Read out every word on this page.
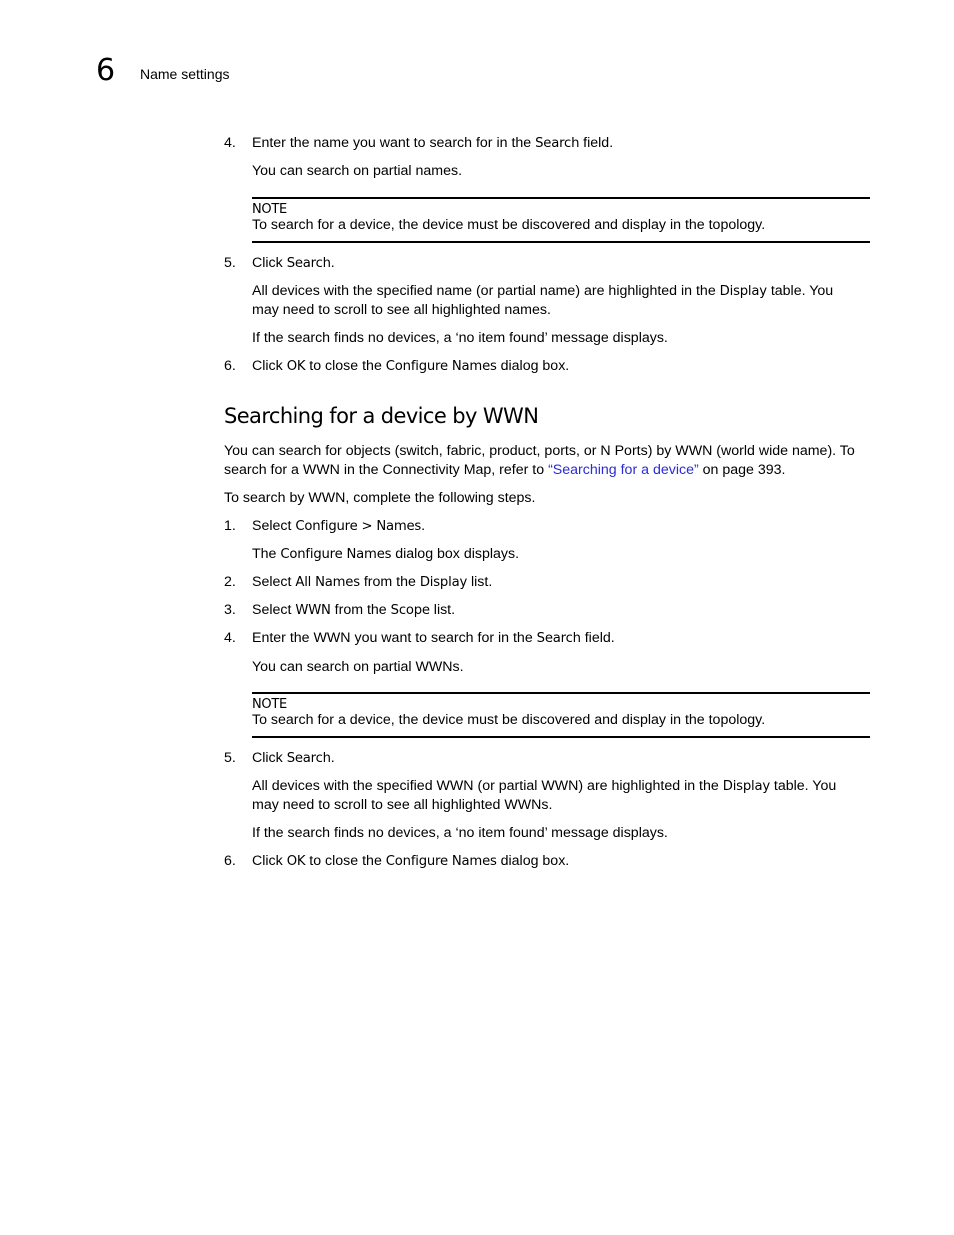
6 Name settings
4. Enter the name you want to search for in the Search field.
You can search on partial names.
NOTE
To search for a device, the device must be discovered and display in the topology.
5. Click Search.
All devices with the specified name (or partial name) are highlighted in the Display table. You
may need to scroll to see all highlighted names.
If the search finds no devices, a ‘no item found’ message displays.
6. Click OK to close the Configure Names dialog box.
Searching for a device by WWN
You can search for objects (switch, fabric, product, ports, or N Ports) by WWN (world wide name). To
search for a WWN in the Connectivity Map, refer to “Searching for a device” on page 393.
To search by WWN, complete the following steps.
1. Select Configure > Names.
The Configure Names dialog box displays.
2. Select All Names from the Display list.
3. Select WWN from the Scope list.
4. Enter the WWN you want to search for in the Search field.
You can search on partial WWNs.
NOTE
To search for a device, the device must be discovered and display in the topology.
5. Click Search.
All devices with the specified WWN (or partial WWN) are highlighted in the Display table. You
may need to scroll to see all highlighted WWNs.
If the search finds no devices, a ‘no item found’ message displays.
6. Click OK to close the Configure Names dialog box.
